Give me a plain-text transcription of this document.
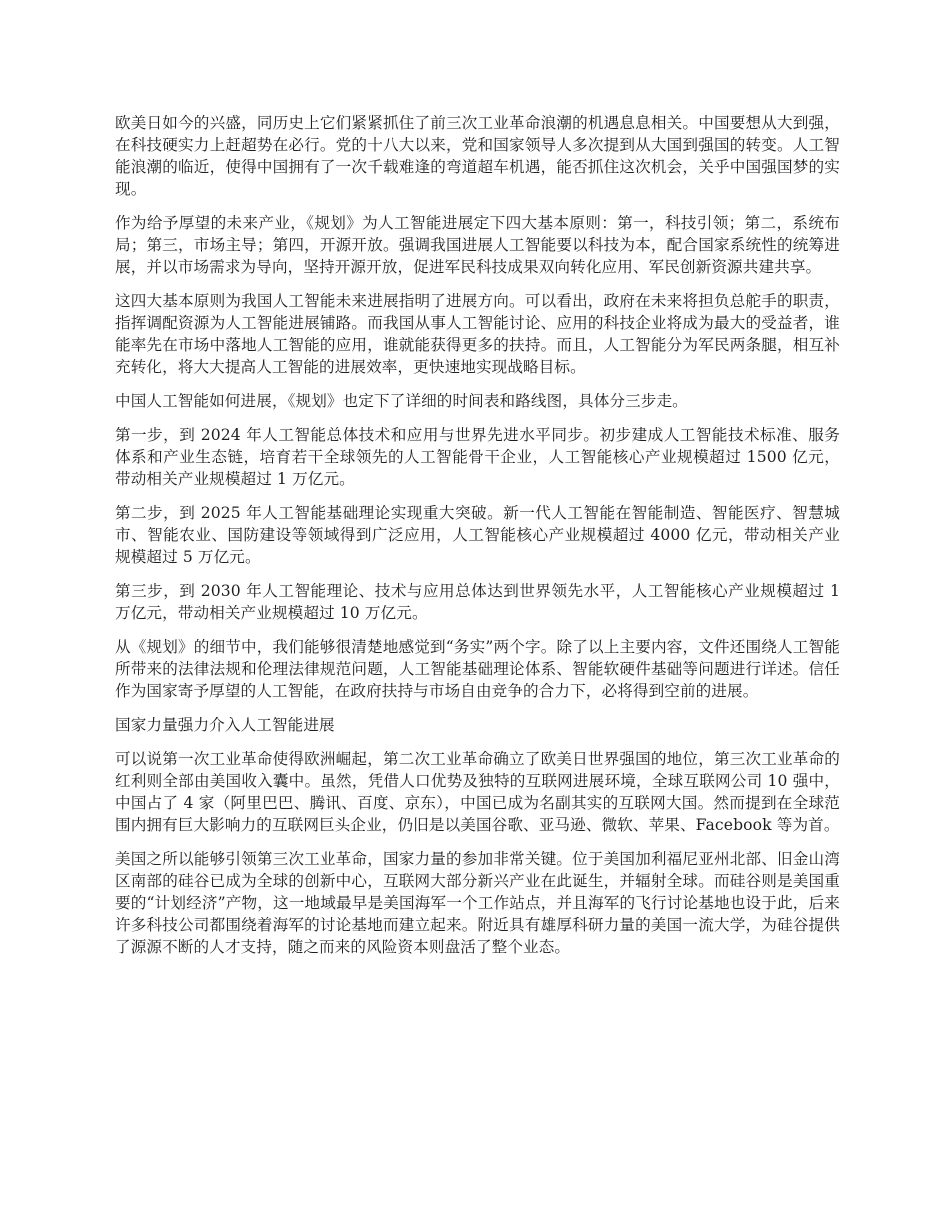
欧美日如今的兴盛，同历史上它们紧紧抓住了前三次工业革命浪潮的机遇息息相关。中国要想从大到强，在科技硬实力上赶超势在必行。党的十八大以来，党和国家领导人多次提到从大国到强国的转变。人工智能浪潮的临近，使得中国拥有了一次千载难逢的弯道超车机遇，能否抓住这次机会，关乎中国强国梦的实现。

作为给予厚望的未来产业，《规划》为人工智能进展定下四大基本原则：第一，科技引领；第二，系统布局；第三，市场主导；第四，开源开放。强调我国进展人工智能要以科技为本，配合国家系统性的统筹进展，并以市场需求为导向，坚持开源开放，促进军民科技成果双向转化应用、军民创新资源共建共享。

这四大基本原则为我国人工智能未来进展指明了进展方向。可以看出，政府在未来将担负总舵手的职责，指挥调配资源为人工智能进展铺路。而我国从事人工智能讨论、应用的科技企业将成为最大的受益者，谁能率先在市场中落地人工智能的应用，谁就能获得更多的扶持。而且，人工智能分为军民两条腿，相互补充转化，将大大提高人工智能的进展效率，更快速地实现战略目标。

中国人工智能如何进展，《规划》也定下了详细的时间表和路线图，具体分三步走。

第一步，到 2024 年人工智能总体技术和应用与世界先进水平同步。初步建成人工智能技术标准、服务体系和产业生态链，培育若干全球领先的人工智能骨干企业，人工智能核心产业规模超过 1500 亿元，带动相关产业规模超过 1 万亿元。

第二步，到 2025 年人工智能基础理论实现重大突破。新一代人工智能在智能制造、智能医疗、智慧城市、智能农业、国防建设等领域得到广泛应用，人工智能核心产业规模超过 4000 亿元，带动相关产业规模超过 5 万亿元。

第三步，到 2030 年人工智能理论、技术与应用总体达到世界领先水平，人工智能核心产业规模超过 1 万亿元，带动相关产业规模超过 10 万亿元。

从《规划》的细节中，我们能够很清楚地感觉到“务实”两个字。除了以上主要内容，文件还围绕人工智能所带来的法律法规和伦理法律规范问题，人工智能基础理论体系、智能软硬件基础等问题进行详述。信任作为国家寄予厚望的人工智能，在政府扶持与市场自由竞争的合力下，必将得到空前的进展。

国家力量强力介入人工智能进展

可以说第一次工业革命使得欧洲崛起，第二次工业革命确立了欧美日世界强国的地位，第三次工业革命的红利则全部由美国收入囊中。虽然，凭借人口优势及独特的互联网进展环境，全球互联网公司 10 强中，中国占了 4 家（阿里巴巴、腾讯、百度、京东），中国已成为名副其实的互联网大国。然而提到在全球范围内拥有巨大影响力的互联网巨头企业，仍旧是以美国谷歌、亚马逊、微软、苹果、Facebook 等为首。

美国之所以能够引领第三次工业革命，国家力量的参加非常关键。位于美国加利福尼亚州北部、旧金山湾区南部的硅谷已成为全球的创新中心，互联网大部分新兴产业在此诞生，并辐射全球。而硅谷则是美国重要的“计划经济”产物，这一地域最早是美国海军一个工作站点，并且海军的飞行讨论基地也设于此，后来许多科技公司都围绕着海军的讨论基地而建立起来。附近具有雄厚科研力量的美国一流大学，为硅谷提供了源源不断的人才支持，随之而来的风险资本则盘活了整个业态。
